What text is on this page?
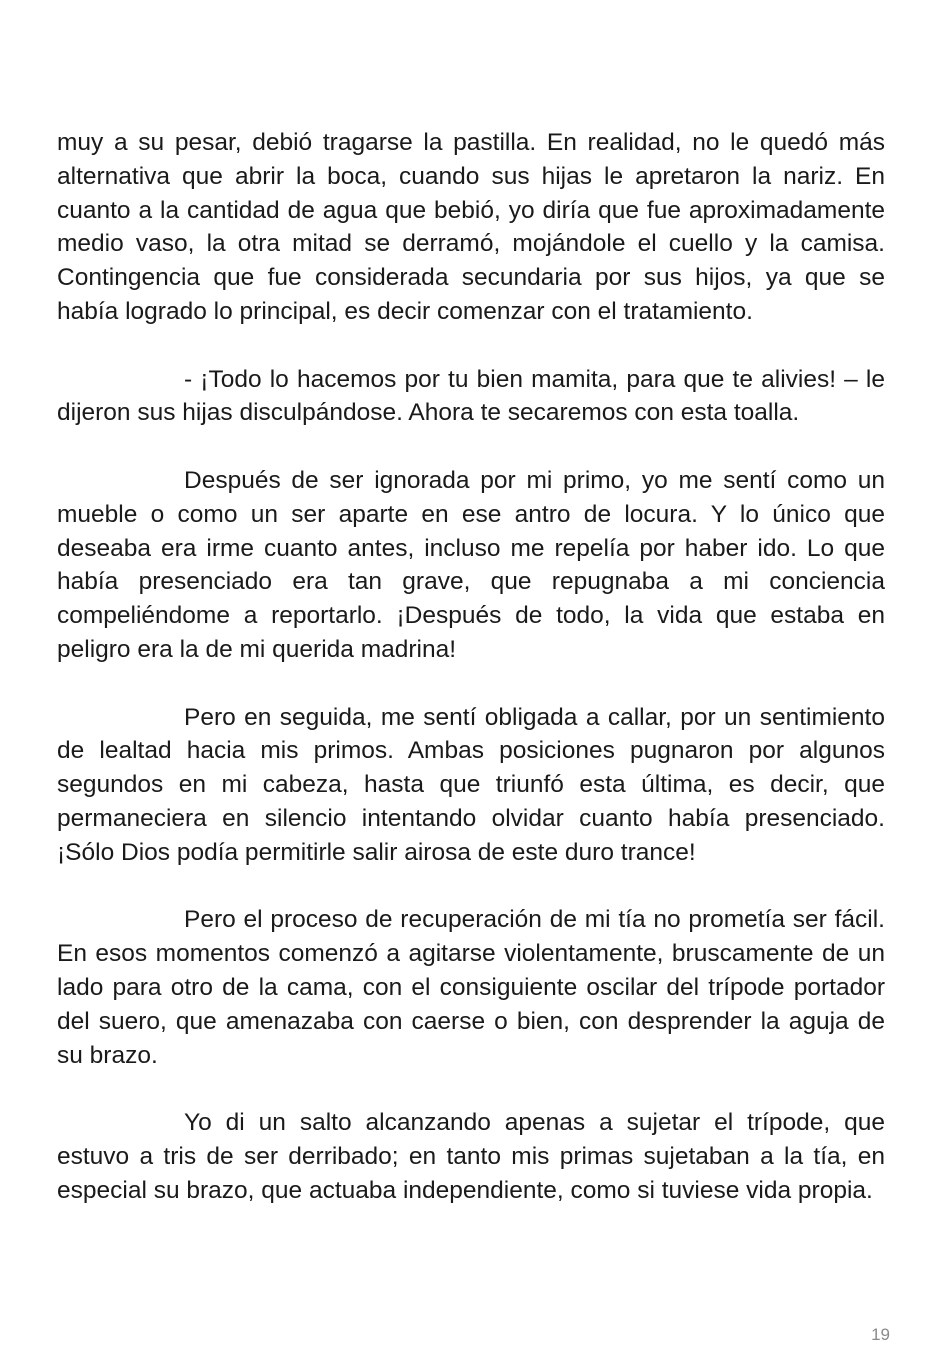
muy a su pesar, debió tragarse la pastilla. En realidad, no le quedó más alternativa que abrir la boca, cuando sus hijas le apretaron la nariz. En cuanto a la cantidad de agua que bebió, yo diría que fue aproximadamente medio vaso, la otra mitad se derramó, mojándole el cuello y la camisa. Contingencia que fue considerada secundaria por sus hijos, ya que se había logrado lo principal, es decir comenzar con el tratamiento.

- ¡Todo lo hacemos por tu bien mamita, para que te alivies! – le dijeron sus hijas disculpándose. Ahora te secaremos con esta toalla.

Después de ser ignorada por mi primo, yo me sentí como un mueble o como un ser aparte en ese antro de locura. Y lo único que deseaba era irme cuanto antes, incluso me repelía por haber ido. Lo que había presenciado era tan grave, que repugnaba a mi conciencia compeliéndome a reportarlo. ¡Después de todo, la vida que estaba en peligro era la de mi querida madrina!

Pero en seguida, me sentí obligada a callar, por un sentimiento de lealtad hacia mis primos. Ambas posiciones pugnaron por algunos segundos en mi cabeza, hasta que triunfó esta última, es decir, que permaneciera en silencio intentando olvidar cuanto había presenciado. ¡Sólo Dios podía permitirle salir airosa de este duro trance!

Pero el proceso de recuperación de mi tía no prometía ser fácil. En esos momentos comenzó a agitarse violentamente, bruscamente de un lado para otro de la cama, con el consiguiente oscilar del trípode portador del suero, que amenazaba con caerse o bien, con desprender la aguja de su brazo.

Yo di un salto alcanzando apenas a sujetar el trípode, que estuvo a tris de ser derribado; en tanto mis primas sujetaban a la tía, en especial su brazo, que actuaba independiente, como si tuviese vida propia.

19
